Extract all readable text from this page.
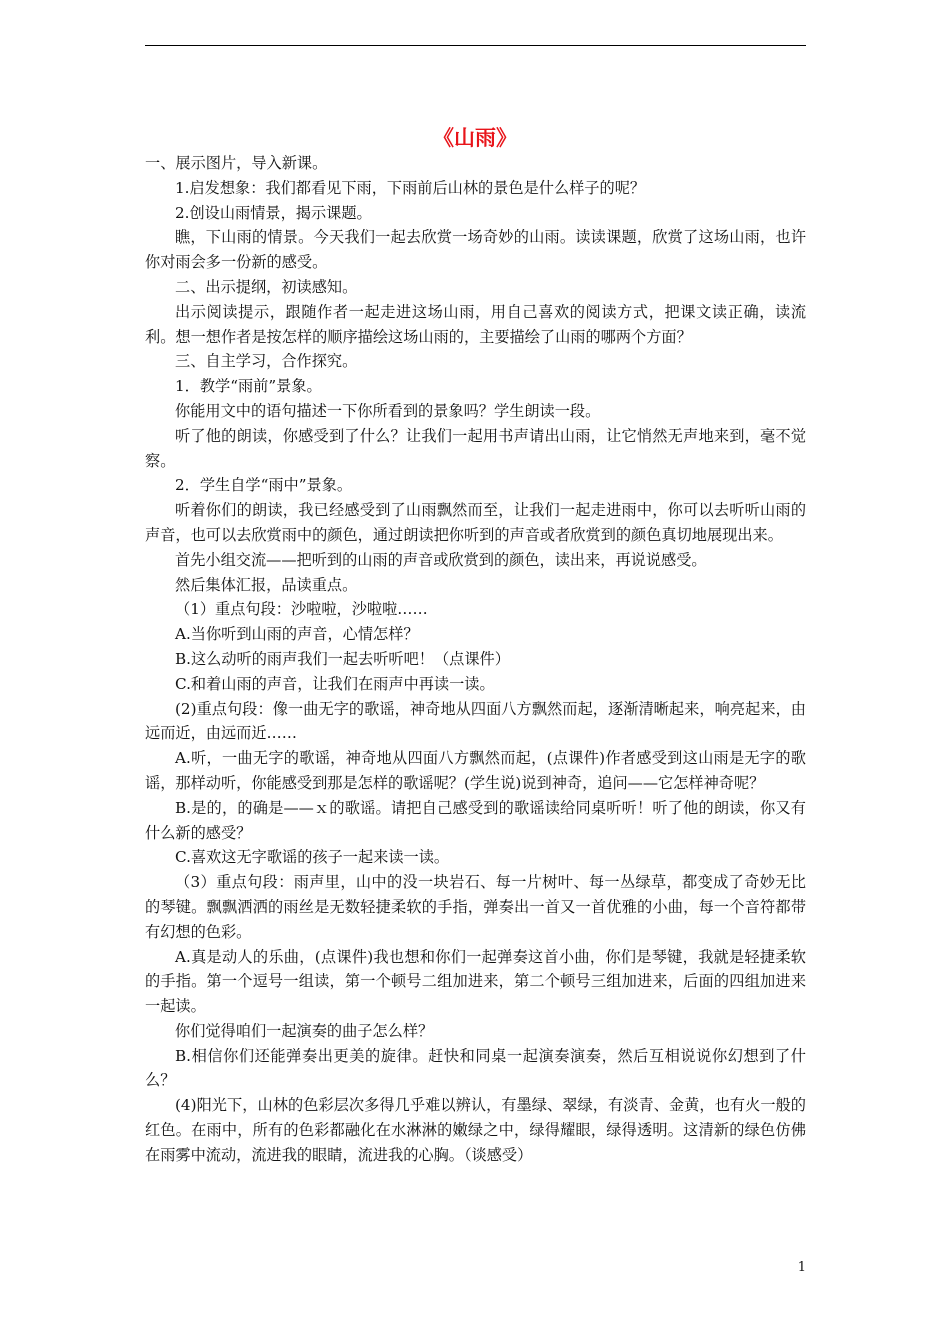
《山雨》

一、展示图片，导入新课。

1.启发想象：我们都看见下雨，下雨前后山林的景色是什么样子的呢？

2.创设山雨情景，揭示课题。

瞧，下山雨的情景。今天我们一起去欣赏一场奇妙的山雨。读读课题，欣赏了这场山雨，也许你对雨会多一份新的感受。

二、出示提纲，初读感知。

出示阅读提示，跟随作者一起走进这场山雨，用自己喜欢的阅读方式，把课文读正确，读流利。想一想作者是按怎样的顺序描绘这场山雨的，主要描绘了山雨的哪两个方面？

三、自主学习，合作探究。

1．教学“雨前”景象。

你能用文中的语句描述一下你所看到的景象吗？学生朗读一段。

听了他的朗读，你感受到了什么？让我们一起用书声请出山雨，让它悄然无声地来到，毫不觉察。

2．学生自学“雨中”景象。

听着你们的朗读，我已经感受到了山雨飘然而至，让我们一起走进雨中，你可以去听听山雨的声音，也可以去欣赏雨中的颜色，通过朗读把你听到的声音或者欣赏到的颜色真切地展现出来。

首先小组交流——把听到的山雨的声音或欣赏到的颜色，读出来，再说说感受。

然后集体汇报，品读重点。

（1）重点句段：沙啦啦，沙啦啦……

A.当你听到山雨的声音，心情怎样？

B.这么动听的雨声我们一起去听听吧！（点课件）

C.和着山雨的声音，让我们在雨声中再读一读。

(2)重点句段：像一曲无字的歌谣，神奇地从四面八方飘然而起，逐渐清晰起来，响亮起来，由远而近，由远而近……

A.听，一曲无字的歌谣，神奇地从四面八方飘然而起，(点课件)作者感受到这山雨是无字的歌谣，那样动听，你能感受到那是怎样的歌谣呢？(学生说)说到神奇，追问——它怎样神奇呢？

B.是的，的确是——ｘ的歌谣。请把自己感受到的歌谣读给同桌听听！听了他的朗读，你又有什么新的感受？

C.喜欢这无字歌谣的孩子一起来读一读。

（3）重点句段：雨声里，山中的没一块岩石、每一片树叶、每一丛绿草，都变成了奇妙无比的琴键。飘飘洒洒的雨丝是无数轻捷柔软的手指，弹奏出一首又一首优雅的小曲，每一个音符都带有幻想的色彩。

A.真是动人的乐曲，(点课件)我也想和你们一起弹奏这首小曲，你们是琴键，我就是轻捷柔软的手指。第一个逗号一组读，第一个顿号二组加进来，第二个顿号三组加进来，后面的四组加进来一起读。

你们觉得咱们一起演奏的曲子怎么样？

B.相信你们还能弹奏出更美的旋律。赶快和同桌一起演奏演奏，然后互相说说你幻想到了什么？

(4)阳光下，山林的色彩层次多得几乎难以辨认，有墨绿、翠绿，有淡青、金黄，也有火一般的红色。在雨中，所有的色彩都融化在水淋淋的嫩绿之中，绿得耀眼，绿得透明。这清新的绿色仿佛在雨雾中流动，流进我的眼睛，流进我的心胸。（谈感受）

1
